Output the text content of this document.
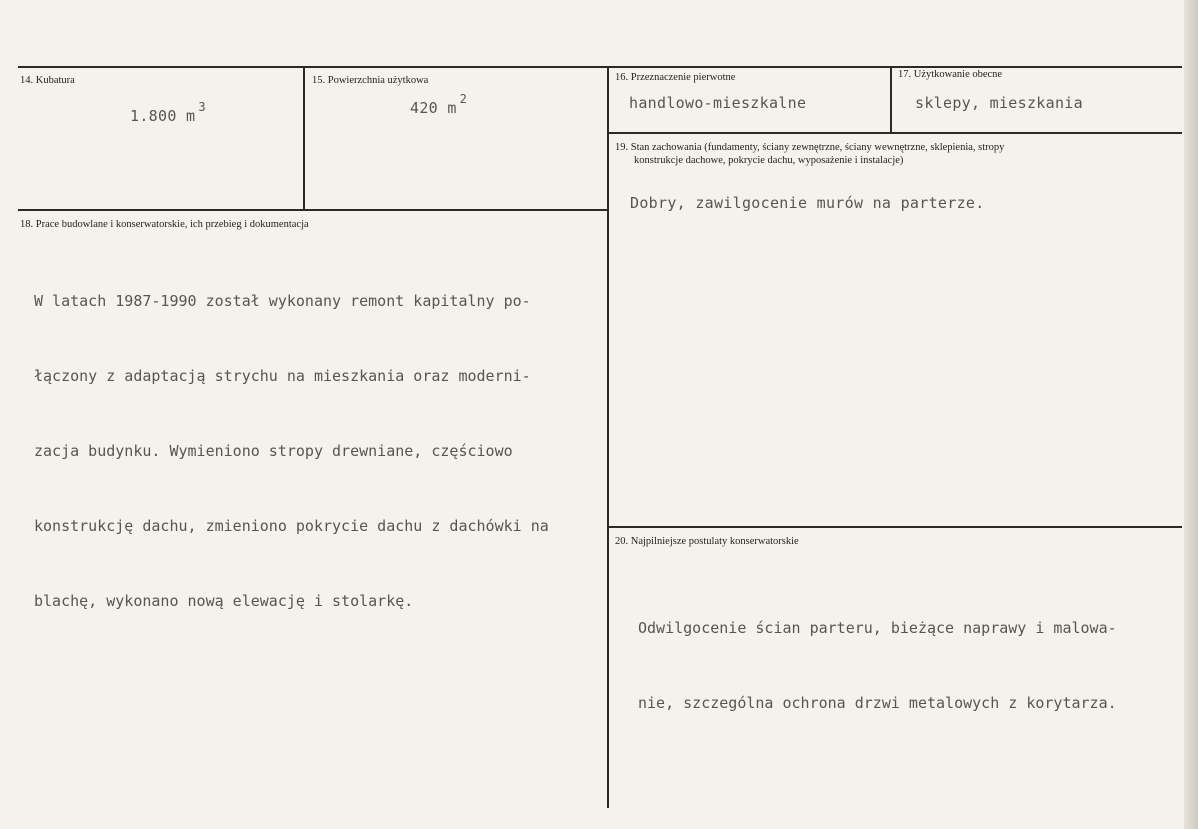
14. Kubatura
1.800 m $^3$
15. Powierzchnia użytkowa
420 m $^2$
16. Przeznaczenie pierwotne
handlowo-mieszkalne
17. Użytkowanie obecne
sklepy, mieszkania
18. Prace budowlane i konserwatorskie, ich przebieg i dokumentacja

W latach 1987-1990 został wykonany remont kapitalny po-

łączony z adaptacją strychu na mieszkania oraz moderni-

zacja budynku. Wymieniono stropy drewniane, częściowo

konstrukcję dachu, zmieniono pokrycie dachu z dachówki na

blachę, wykonano nową elewację i stolarkę.

19. Stan zachowania (fundamenty, ściany zewnętrzne, ściany wewnętrzne, sklepienia, stropy
konstrukcje dachowe, pokrycie dachu, wyposażenie i instalacje)
Dobry, zawilgocenie murów na parterze.
20. Najpilniejsze postulaty konserwatorskie

Odwilgocenie ścian parteru, bieżące naprawy i malowa-

nie, szczególna ochrona drzwi metalowych z korytarza.
